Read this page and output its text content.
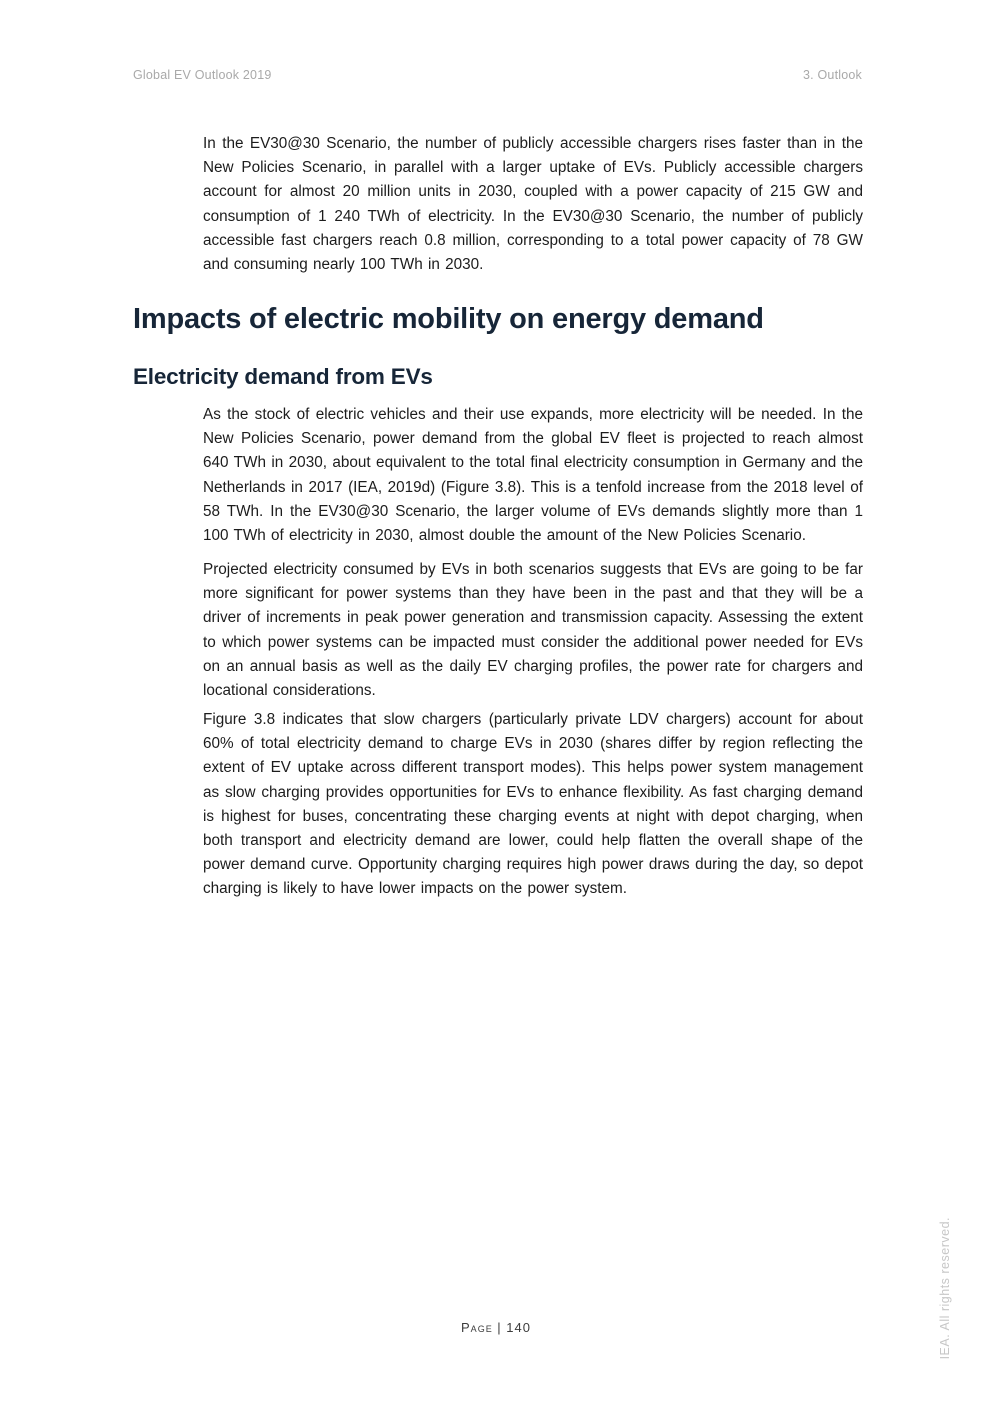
Global EV Outlook 2019	3. Outlook

In the EV30@30 Scenario, the number of publicly accessible chargers rises faster than in the New Policies Scenario, in parallel with a larger uptake of EVs. Publicly accessible chargers account for almost 20 million units in 2030, coupled with a power capacity of 215 GW and consumption of 1 240 TWh of electricity. In the EV30@30 Scenario, the number of publicly accessible fast chargers reach 0.8 million, corresponding to a total power capacity of 78 GW and consuming nearly 100 TWh in 2030.

Impacts of electric mobility on energy demand
Electricity demand from EVs

As the stock of electric vehicles and their use expands, more electricity will be needed. In the New Policies Scenario, power demand from the global EV fleet is projected to reach almost 640 TWh in 2030, about equivalent to the total final electricity consumption in Germany and the Netherlands in 2017 (IEA, 2019d) (Figure 3.8). This is a tenfold increase from the 2018 level of 58 TWh. In the EV30@30 Scenario, the larger volume of EVs demands slightly more than 1 100 TWh of electricity in 2030, almost double the amount of the New Policies Scenario.

Projected electricity consumed by EVs in both scenarios suggests that EVs are going to be far more significant for power systems than they have been in the past and that they will be a driver of increments in peak power generation and transmission capacity. Assessing the extent to which power systems can be impacted must consider the additional power needed for EVs on an annual basis as well as the daily EV charging profiles, the power rate for chargers and locational considerations.

Figure 3.8 indicates that slow chargers (particularly private LDV chargers) account for about 60% of total electricity demand to charge EVs in 2030 (shares differ by region reflecting the extent of EV uptake across different transport modes). This helps power system management as slow charging provides opportunities for EVs to enhance flexibility. As fast charging demand is highest for buses, concentrating these charging events at night with depot charging, when both transport and electricity demand are lower, could help flatten the overall shape of the power demand curve. Opportunity charging requires high power draws during the day, so depot charging is likely to have lower impacts on the power system.

Page | 140	IEA. All rights reserved.
